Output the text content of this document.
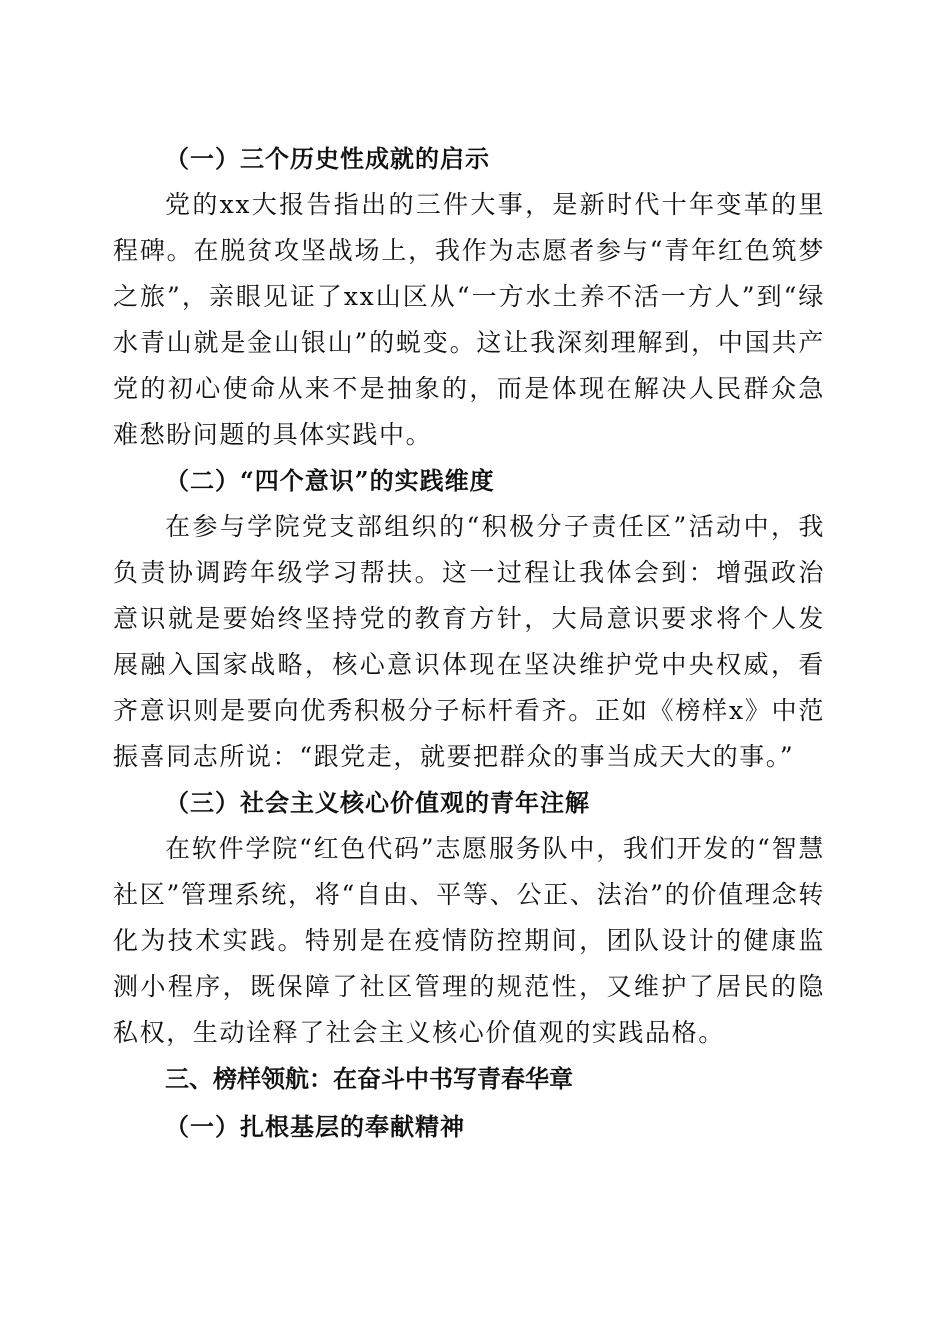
（一）三个历史性成就的启示

党的xx大报告指出的三件大事，是新时代十年变革的里程碑。在脱贫攻坚战场上，我作为志愿者参与“青年红色筑梦之旅”，亲眼见证了xx山区从“一方水土养不活一方人”到“绿水青山就是金山银山”的蜕变。这让我深刻理解到，中国共产党的初心使命从来不是抽象的，而是体现在解决人民群众急难愁盼问题的具体实践中。

（二）“四个意识”的实践维度

在参与学院党支部组织的“积极分子责任区”活动中，我负责协调跨年级学习帮扶。这一过程让我体会到：增强政治意识就是要始终坚持党的教育方针，大局意识要求将个人发展融入国家战略，核心意识体现在坚决维护党中央权威，看齐意识则是要向优秀积极分子标杆看齐。正如《榜样x》中范振喜同志所说：“跟党走，就要把群众的事当成天大的事。”

（三）社会主义核心价值观的青年注解

在软件学院“红色代码”志愿服务队中，我们开发的“智慧社区”管理系统，将“自由、平等、公正、法治”的价值理念转化为技术实践。特别是在疫情防控期间，团队设计的健康监测小程序，既保障了社区管理的规范性，又维护了居民的隐私权，生动诠释了社会主义核心价值观的实践品格。

三、榜样领航：在奋斗中书写青春华章
（一）扎根基层的奉献精神
